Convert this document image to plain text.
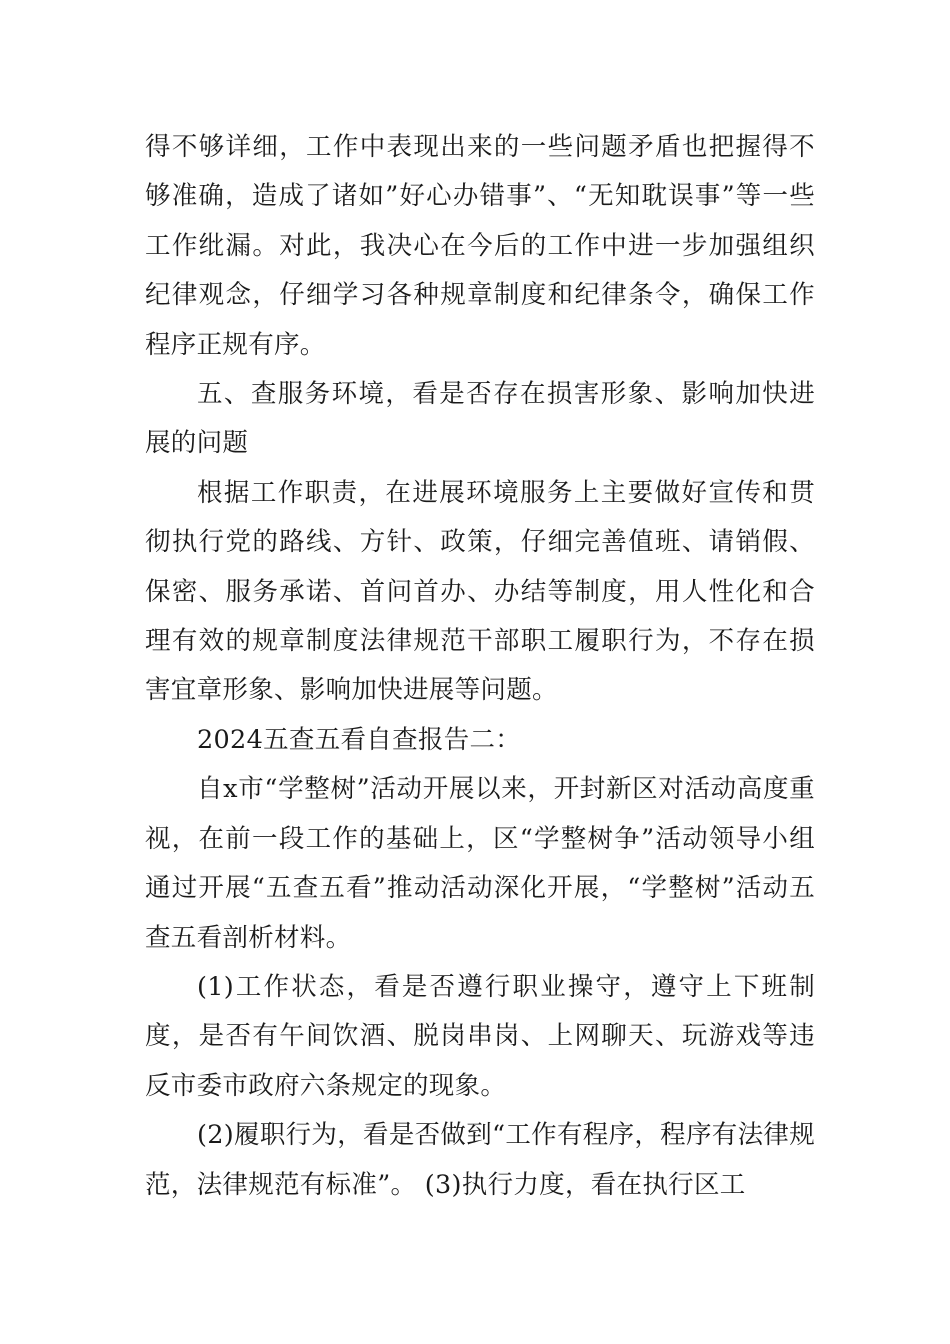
得不够详细，工作中表现出来的一些问题矛盾也把握得不够准确，造成了诸如”好心办错事”、“无知耽误事”等一些工作纰漏。对此，我决心在今后的工作中进一步加强组织纪律观念，仔细学习各种规章制度和纪律条令，确保工作程序正规有序。

五、查服务环境，看是否存在损害形象、影响加快进展的问题

根据工作职责，在进展环境服务上主要做好宣传和贯彻执行党的路线、方针、政策，仔细完善值班、请销假、保密、服务承诺、首问首办、办结等制度，用人性化和合理有效的规章制度法律规范干部职工履职行为，不存在损害宜章形象、影响加快进展等问题。

2024五查五看自查报告二：

自x市“学整树”活动开展以来，开封新区对活动高度重视，在前一段工作的基础上，区“学整树争”活动领导小组通过开展“五查五看”推动活动深化开展，“学整树”活动五查五看剖析材料。

(1)工作状态，看是否遵行职业操守，遵守上下班制度，是否有午间饮酒、脱岗串岗、上网聊天、玩游戏等违反市委市政府六条规定的现象。

(2)履职行为，看是否做到“工作有程序，程序有法律规范，法律规范有标准”。 (3)执行力度，看在执行区工
